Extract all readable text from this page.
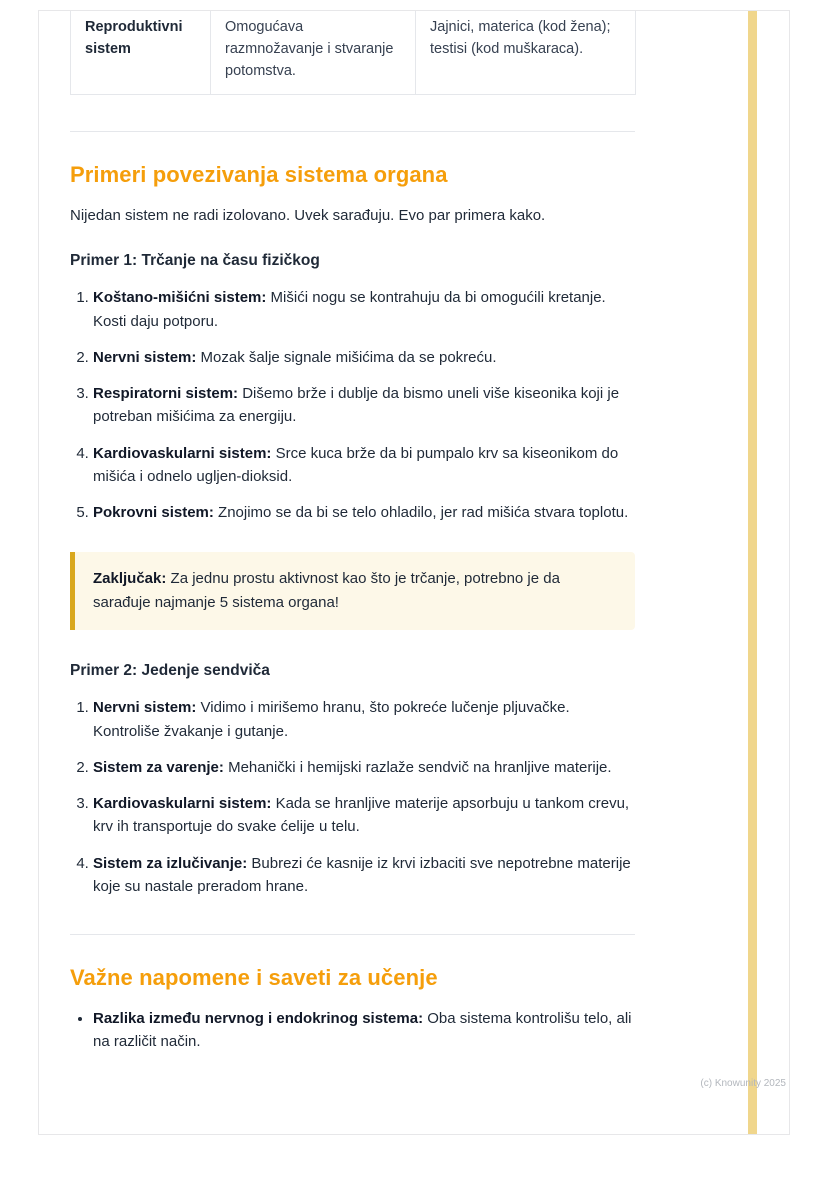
Reproduktivni sistem	Omogućava razmnožavanje i stvaranje potomstva.	Jajnici, materica (kod žena); testisi (kod muškaraca).
Primeri povezivanja sistema organa

Nijedan sistem ne radi izolovano. Uvek sarađuju. Evo par primera kako.

Primer 1: Trčanje na času fizičkog
1. Koštano-mišićni sistem: Mišići nogu se kontrahuju da bi omogućili kretanje. Kosti daju potporu.
2. Nervni sistem: Mozak šalje signale mišićima da se pokreću.
3. Respiratorni sistem: Dišemo brže i dublje da bismo uneli više kiseonika koji je potreban mišićima za energiju.
4. Kardiovaskularni sistem: Srce kuca brže da bi pumpalo krv sa kiseonikom do mišića i odnelo ugljen-dioksid.
5. Pokrovni sistem: Znojimo se da bi se telo ohladilo, jer rad mišića stvara toplotu.
Zaključak: Za jednu prostu aktivnost kao što je trčanje, potrebno je da sarađuje najmanje 5 sistema organa!
Primer 2: Jedenje sendviča
1. Nervni sistem: Vidimo i mirišemo hranu, što pokreće lučenje pljuvačke. Kontroliše žvakanje i gutanje.
2. Sistem za varenje: Mehanički i hemijski razlaže sendvič na hranljive materije.
3. Kardiovaskularni sistem: Kada se hranljive materije apsorbuju u tankom crevu, krv ih transportuje do svake ćelije u telu.
4. Sistem za izlučivanje: Bubrezi će kasnije iz krvi izbaciti sve nepotrebne materije koje su nastale preradom hrane.
Važne napomene i saveti za učenje
• Razlika između nervnog i endokrinog sistema: Oba sistema kontrolišu telo, ali na različit način.
(c) Knowunity 2025
